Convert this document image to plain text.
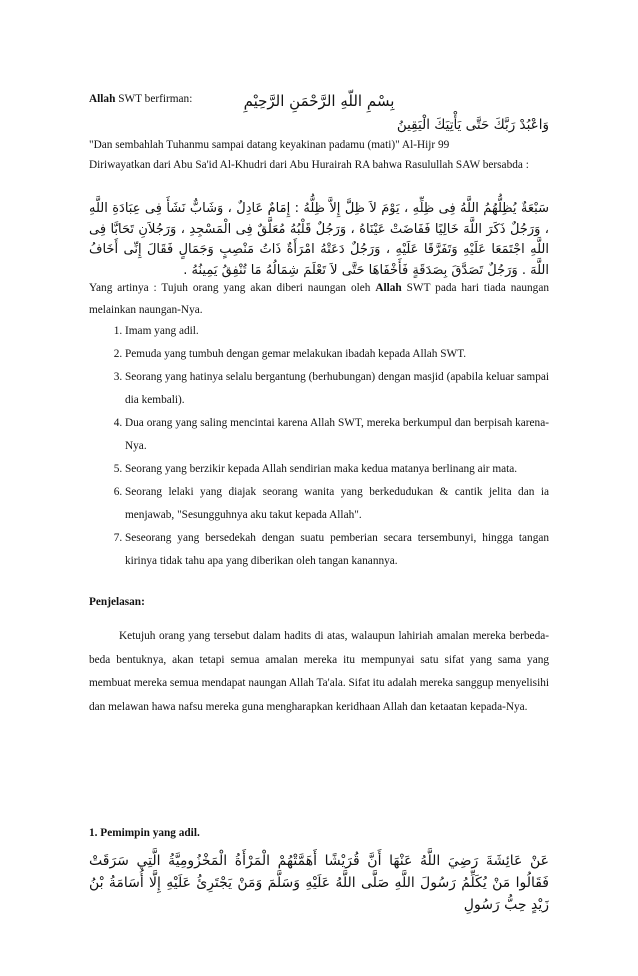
بِسْمِ اللّهِ الرَّحْمَنِ الرَّحِيْمِ
Allah SWT berfirman:
وَاعْبُدْ رَبَّكَ حَتَّى يَأْتِيَكَ الْيَقِينُ
"Dan sembahlah Tuhanmu sampai datang keyakinan padamu (mati)" Al-Hijr 99
Diriwayatkan dari Abu Sa'id Al-Khudri dari Abu Hurairah RA bahwa Rasulullah SAW bersabda :
سَبْعَةٌ يُظِلُّهُمُ اللَّهُ فِى ظِلِّهِ ، يَوْمَ لاَ ظِلَّ إِلاَّ ظِلُّهُ : إِمَامٌ عَادِلٌ ، وَشَابٌّ نَشَأَ فِى عِبَادَةِ اللَّهِ ، وَرَجُلٌ ذَكَرَ اللَّهَ خَالِيًا فَفَاضَتْ عَيْنَاهُ ، وَرَجُلٌ قَلْبُهُ مُعَلَّقٌ فِى الْمَسْجِدِ ، وَرَجُلاَنِ تَحَابَّا فِى اللَّهِ اجْتَمَعَا عَلَيْهِ وَتَفَرَّقَا عَلَيْهِ ، وَرَجُلٌ دَعَتْهُ امْرَأَةٌ ذَاتُ مَنْصِبٍ وَجَمَالٍ فَقَالَ إِنِّى أَخَافُ اللَّهَ . وَرَجُلٌ تَصَدَّقَ بِصَدَقَةٍ فَأَخْفَاهَا حَتَّى لاَ تَعْلَمَ شِمَالُهُ مَا تُنْفِقُ يَمِينُهُ .
Yang artinya : Tujuh orang yang akan diberi naungan oleh Allah SWT pada hari tiada naungan melainkan naungan-Nya.
1. Imam yang adil.
2. Pemuda yang tumbuh dengan gemar melakukan ibadah kepada Allah SWT.
3. Seorang yang hatinya selalu bergantung (berhubungan) dengan masjid (apabila keluar sampai dia kembali).
4. Dua orang yang saling mencintai karena Allah SWT, mereka berkumpul dan berpisah karena-Nya.
5. Seorang yang berzikir kepada Allah sendirian maka kedua matanya berlinang air mata.
6. Seorang lelaki yang diajak seorang wanita yang berkedudukan & cantik jelita dan ia menjawab, "Sesungguhnya aku takut kepada Allah".
7. Seseorang yang bersedekah dengan suatu pemberian secara tersembunyi, hingga tangan kirinya tidak tahu apa yang diberikan oleh tangan kanannya.
Penjelasan:
Ketujuh orang yang tersebut dalam hadits di atas, walaupun lahiriah amalan mereka berbeda-beda bentuknya, akan tetapi semua amalan mereka itu mempunyai satu sifat yang sama yang membuat mereka semua mendapat naungan Allah Ta'ala. Sifat itu adalah mereka sanggup menyelisihi dan melawan hawa nafsu mereka guna mengharapkan keridhaan Allah dan ketaatan kepada-Nya.
1. Pemimpin yang adil.
عَنْ عَائِشَةَ رَضِيَ اللَّهُ عَنْهَا أَنَّ قُرَيْشًا أَهَمَّتْهُمْ الْمَرْأَةُ الْمَخْزُومِيَّةُ الَّتِي سَرَقَتْ فَقَالُوا مَنْ يُكَلِّمُ رَسُولَ اللَّهِ صَلَّى اللَّهُ عَلَيْهِ وَسَلَّمَ وَمَنْ يَجْتَرِئُ عَلَيْهِ إِلَّا أُسَامَةُ بْنُ زَيْدٍ حِبُّ رَسُولِ
